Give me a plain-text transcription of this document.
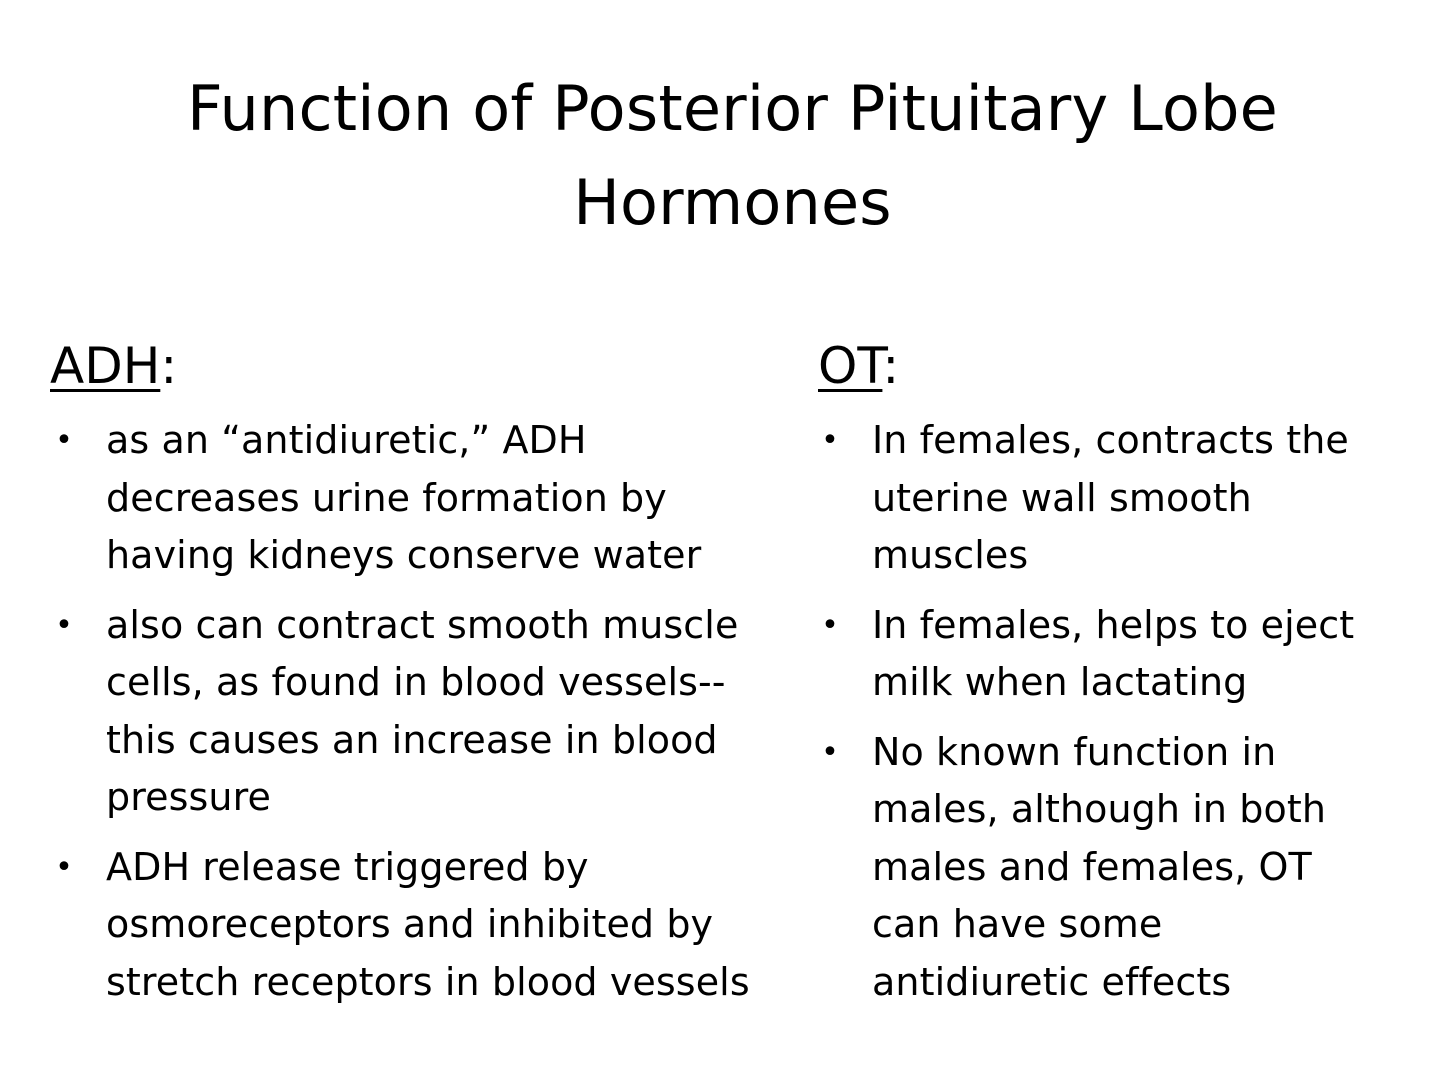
Function of Posterior Pituitary Lobe
Hormones
ADH:	OT:
• as an “antidiuretic,” ADH
decreases urine formation by
having kidneys conserve water
• also can contract smooth muscle
cells, as found in blood vessels--
this causes an increase in blood
pressure
• ADH release triggered by
osmoreceptors and inhibited by
stretch receptors in blood vessels
• In females, contracts the
uterine wall smooth
muscles
• In females, helps to eject
milk when lactating
• No known function in
males, although in both
males and females, OT
can have some
antidiuretic effects
